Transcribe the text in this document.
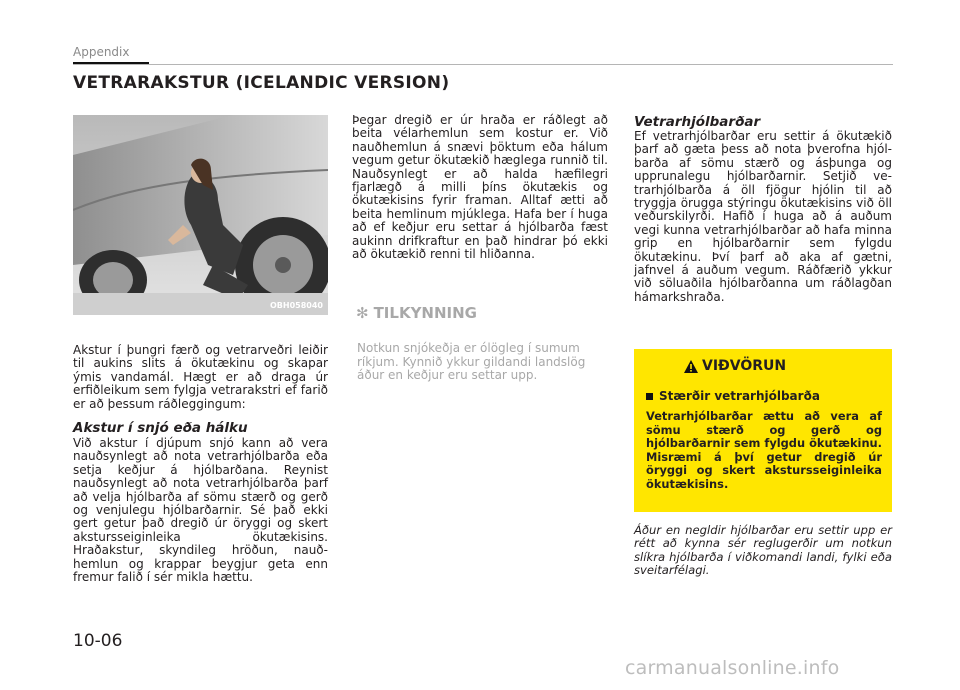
Appendix
VETRARAKSTUR (ICELANDIC VERSION)
OBH058040
Akstur í þungri færð og vetrarveðri leiðir til aukins slits á ökutækinu og skapar ýmis vandamál. Hægt er að draga úr erfiðleikum sem fylgja vetrarakstri ef farið er að þessum ráðleggingum:
Akstur í snjó eða hálku
Við akstur í djúpum snjó kann að vera nauðsynlegt að nota vetrarhjólbarða eða setja keðjur á hjólbarðana. Reynist nauðsynlegt að nota vetrarhjólbarða þarf að velja hjólbarða af sömu stærð og gerð og venjulegu hjólbarðarnir. Sé það ekki gert getur það dregið úr öryggi og skert akstursseiginleika ökutækisins. Hraðakstur, skyndileg hröðun, nauðhemlun og krappar beygjur geta enn fremur falið í sér mikla hættu.
Þegar dregið er úr hraða er ráðlegt að beita vélarhemlun sem kostur er. Við nauðhemlun á snævi þöktum eða hálum vegum getur ökutækið hæglega runnið til. Nauðsynlegt er að halda hæfilegri fjarlægð á milli þíns ökutækis og ökutækisins fyrir framan. Alltaf ætti að beita hemlinum mjúklega. Hafa ber í huga að ef keðjur eru settar á hjólbarða fæst aukinn drifkraftur en það hindrar þó ekki að ökutækið renni til hliðanna.
✻ TILKYNNING
Notkun snjókeðja er ólögleg í sumum ríkjum. Kynnið ykkur gildandi landslög áður en keðjur eru settar upp.
Vetrarhjólbarðar
Ef vetrarhjólbarðar eru settir á ökutækið þarf að gæta þess að nota þverofna hjól barða af sömu stærð og ásþunga og upprunalegu hjólbarðarnir. Setjið vetrarhjólbarða á öll fjögur hjólin til að tryggja örugga stýringu ökutækisins við öll veðurskilyrði. Hafið í huga að á auðum vegi kunna vetrarhjólbarðar að hafa minna grip en hjólbarðarnir sem fylgdu ökutækinu. Því þarf að aka af gætni, jafnvel á auðum vegum. Ráðfærið ykkur við söluaðila hjólbarðanna um ráðlagðan hámarkshraða.
VIÐVÖRUN
Stærðir vetrarhjólbarða
Vetrarhjólbarðar ættu að vera af sömu stærð og gerð og hjólbarðarnir sem fylgdu ökutækinu. Misræmi á því getur dregið úr öryggi og skert akstursseiginleika ökutækisins.
Áður en negldir hjólbarðar eru settir upp er rétt að kynna sér reglugerðir um notkun slíkra hjólbarða í viðkomandi landi, fylki eða sveitarfélagi.
10-06
carmanualsonline.info
